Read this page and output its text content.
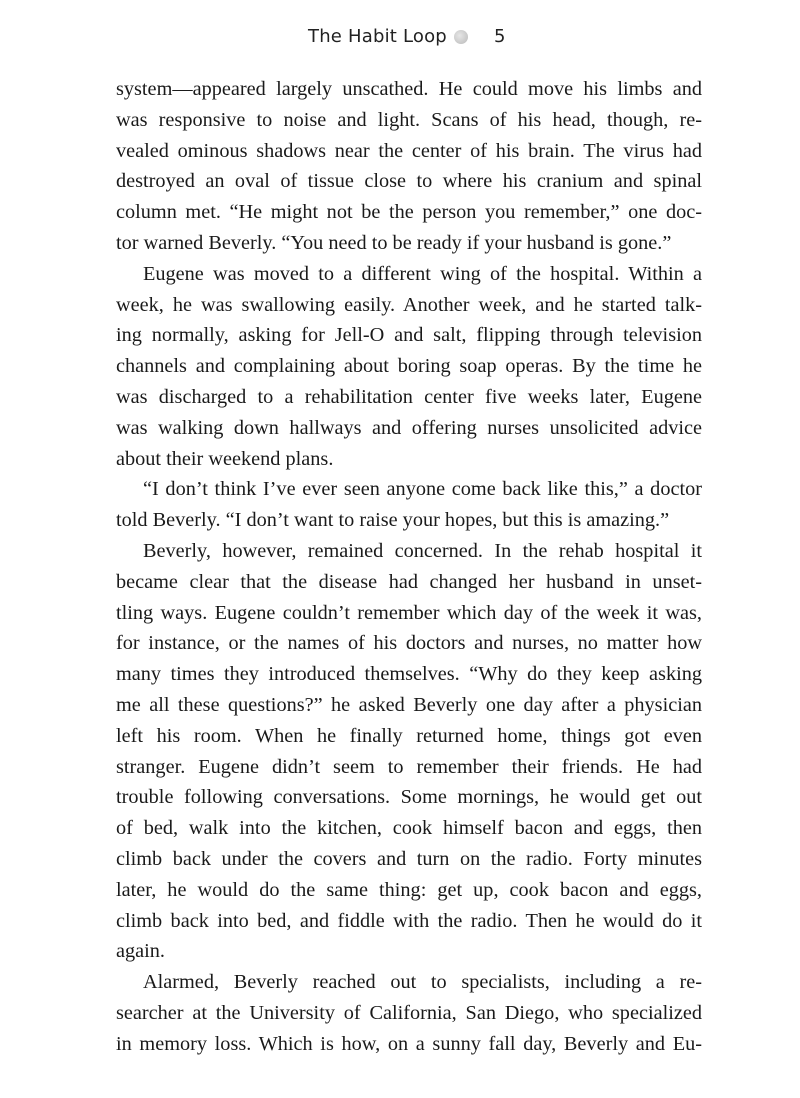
The Habit Loop	5
system—appeared largely unscathed. He could move his limbs and
was responsive to noise and light. Scans of his head, though, re-
vealed ominous shadows near the center of his brain. The virus had
destroyed an oval of tissue close to where his cranium and spinal
column met. “He might not be the person you remember,” one doc-
tor warned Beverly. “You need to be ready if your husband is gone.”
Eugene was moved to a different wing of the hospital. Within a
week, he was swallowing easily. Another week, and he started talk-
ing normally, asking for Jell-O and salt, flipping through television
channels and complaining about boring soap operas. By the time he
was discharged to a rehabilitation center five weeks later, Eugene
was walking down hallways and offering nurses unsolicited advice
about their weekend plans.
“I don’t think I’ve ever seen anyone come back like this,” a doctor
told Beverly. “I don’t want to raise your hopes, but this is amazing.”
Beverly, however, remained concerned. In the rehab hospital it
became clear that the disease had changed her husband in unset-
tling ways. Eugene couldn’t remember which day of the week it was,
for instance, or the names of his doctors and nurses, no matter how
many times they introduced themselves. “Why do they keep asking
me all these questions?” he asked Beverly one day after a physician
left his room. When he finally returned home, things got even
stranger. Eugene didn’t seem to remember their friends. He had
trouble following conversations. Some mornings, he would get out
of bed, walk into the kitchen, cook himself bacon and eggs, then
climb back under the covers and turn on the radio. Forty minutes
later, he would do the same thing: get up, cook bacon and eggs,
climb back into bed, and fiddle with the radio. Then he would do it
again.
Alarmed, Beverly reached out to specialists, including a re-
searcher at the University of California, San Diego, who specialized
in memory loss. Which is how, on a sunny fall day, Beverly and Eu-
